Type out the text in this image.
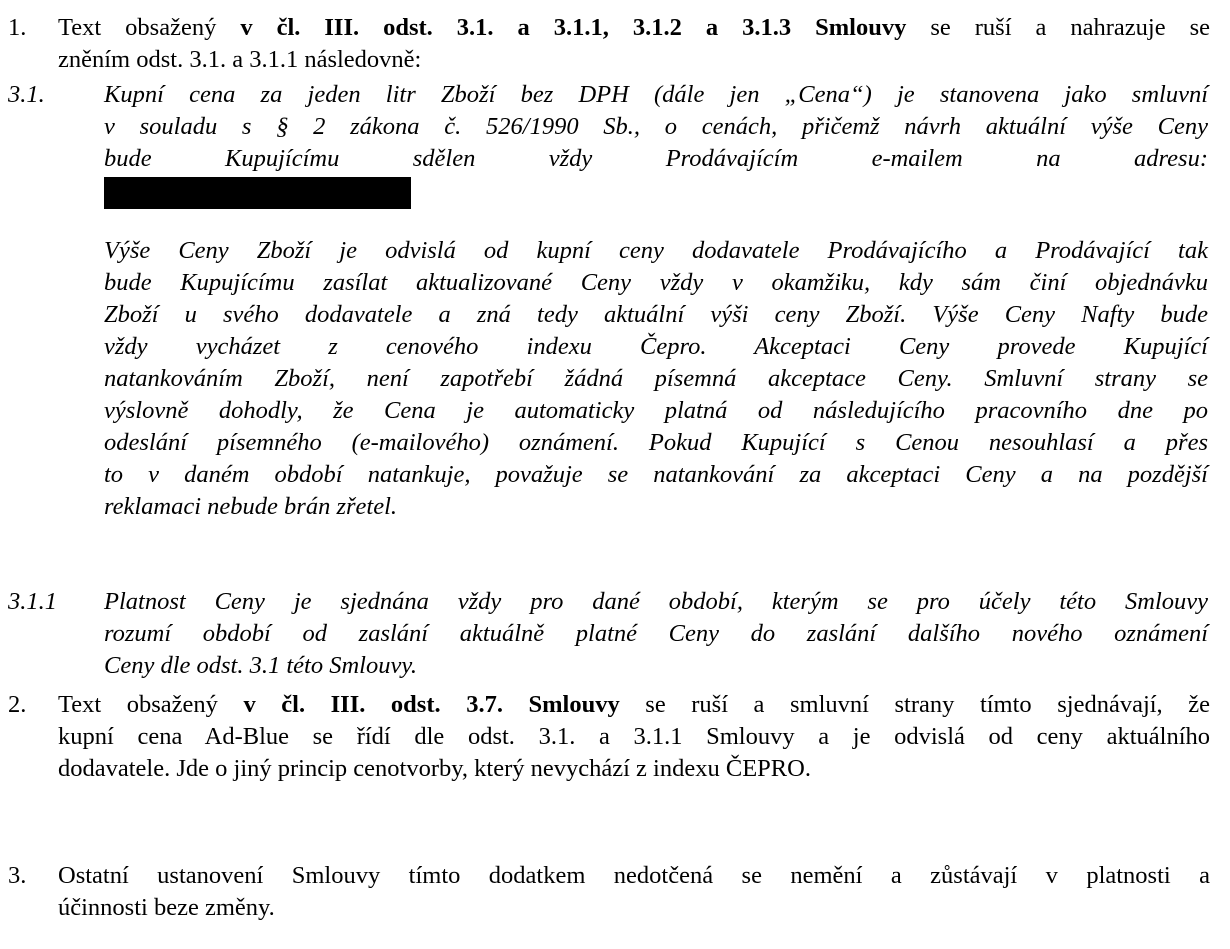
1. Text obsažený v čl. III. odst. 3.1. a 3.1.1, 3.1.2 a 3.1.3 Smlouvy se ruší a nahrazuje se
zněním odst. 3.1. a 3.1.1 následovně:
3.1. Kupní cena za jeden litr Zboží bez DPH (dále jen „Cena“) je stanovena jako smluvní
v souladu s § 2 zákona č. 526/1990 Sb., o cenách, přičemž návrh aktuální výše Ceny
bude Kupujícímu sdělen vždy Prodávajícím e-mailem na adresu:
Výše Ceny Zboží je odvislá od kupní ceny dodavatele Prodávajícího a Prodávající tak
bude Kupujícímu zasílat aktualizované Ceny vždy v okamžiku, kdy sám činí objednávku
Zboží u svého dodavatele a zná tedy aktuální výši ceny Zboží. Výše Ceny Nafty bude
vždy vycházet z cenového indexu Čepro. Akceptaci Ceny provede Kupující
natankováním Zboží, není zapotřebí žádná písemná akceptace Ceny. Smluvní strany se
výslovně dohodly, že Cena je automaticky platná od následujícího pracovního dne po
odeslání písemného (e-mailového) oznámení. Pokud Kupující s Cenou nesouhlasí a přes
to v daném období natankuje, považuje se natankování za akceptaci Ceny a na pozdější
reklamaci nebude brán zřetel.
3.1.1 Platnost Ceny je sjednána vždy pro dané období, kterým se pro účely této Smlouvy
rozumí období od zaslání aktuálně platné Ceny do zaslání dalšího nového oznámení
Ceny dle odst. 3.1 této Smlouvy.
2. Text obsažený v čl. III. odst. 3.7. Smlouvy se ruší a smluvní strany tímto sjednávají, že
kupní cena Ad-Blue se řídí dle odst. 3.1. a 3.1.1 Smlouvy a je odvislá od ceny aktuálního
dodavatele. Jde o jiný princip cenotvorby, který nevychází z indexu ČEPRO.
3. Ostatní ustanovení Smlouvy tímto dodatkem nedotčená se nemění a zůstávají v platnosti a
účinnosti beze změny.
